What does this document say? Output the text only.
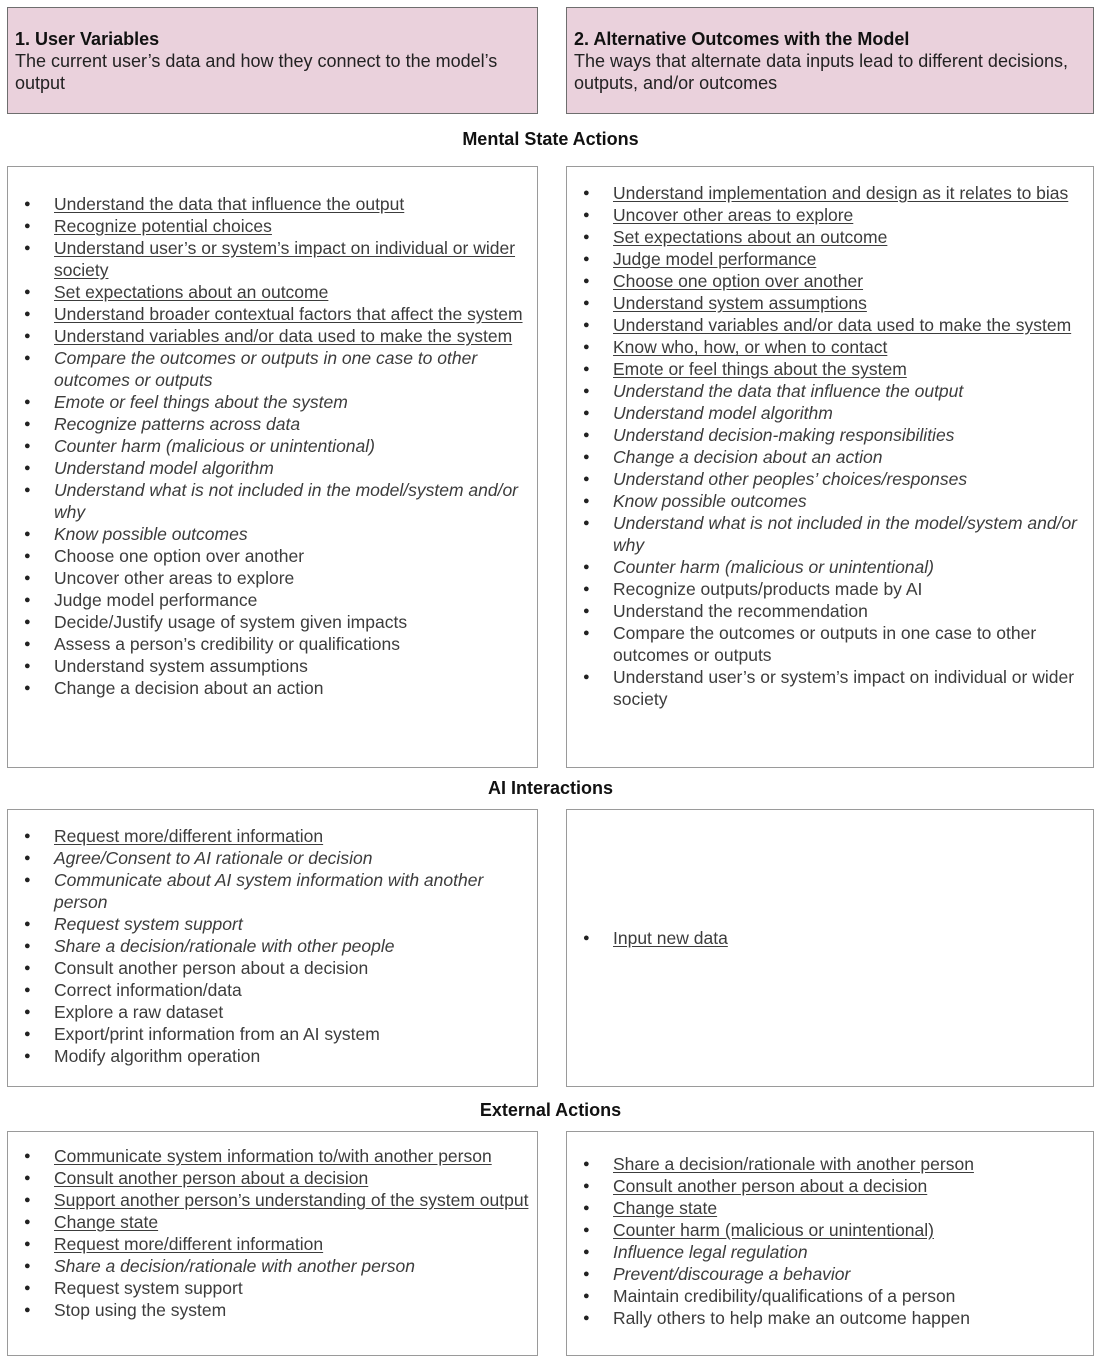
1. User Variables
The current user’s data and how they connect to the model’s output
2. Alternative Outcomes with the Model
The ways that alternate data inputs lead to different decisions, outputs, and/or outcomes
Mental State Actions
● Understand the data that influence the output
● Recognize potential choices
● Understand user’s or system’s impact on individual or wider society
● Set expectations about an outcome
● Understand broader contextual factors that affect the system
● Understand variables and/or data used to make the system
● Compare the outcomes or outputs in one case to other outcomes or outputs
● Emote or feel things about the system
● Recognize patterns across data
● Counter harm (malicious or unintentional)
● Understand model algorithm
● Understand what is not included in the model/system and/or why
● Know possible outcomes
● Choose one option over another
● Uncover other areas to explore
● Judge model performance
● Decide/Justify usage of system given impacts
● Assess a person’s credibility or qualifications
● Understand system assumptions
● Change a decision about an action
● Understand implementation and design as it relates to bias
● Uncover other areas to explore
● Set expectations about an outcome
● Judge model performance
● Choose one option over another
● Understand system assumptions
● Understand variables and/or data used to make the system
● Know who, how, or when to contact
● Emote or feel things about the system
● Understand the data that influence the output
● Understand model algorithm
● Understand decision-making responsibilities
● Change a decision about an action
● Understand other peoples’ choices/responses
● Know possible outcomes
● Understand what is not included in the model/system and/or why
● Counter harm (malicious or unintentional)
● Recognize outputs/products made by AI
● Understand the recommendation
● Compare the outcomes or outputs in one case to other outcomes or outputs
● Understand user’s or system’s impact on individual or wider society
AI Interactions
● Request more/different information
● Agree/Consent to AI rationale or decision
● Communicate about AI system information with another person
● Request system support
● Share a decision/rationale with other people
● Consult another person about a decision
● Correct information/data
● Explore a raw dataset
● Export/print information from an AI system
● Modify algorithm operation
● Input new data
External Actions
● Communicate system information to/with another person
● Consult another person about a decision
● Support another person’s understanding of the system output
● Change state
● Request more/different information
● Share a decision/rationale with another person
● Request system support
● Stop using the system
● Share a decision/rationale with another person
● Consult another person about a decision
● Change state
● Counter harm (malicious or unintentional)
● Influence legal regulation
● Prevent/discourage a behavior
● Maintain credibility/qualifications of a person
● Rally others to help make an outcome happen
